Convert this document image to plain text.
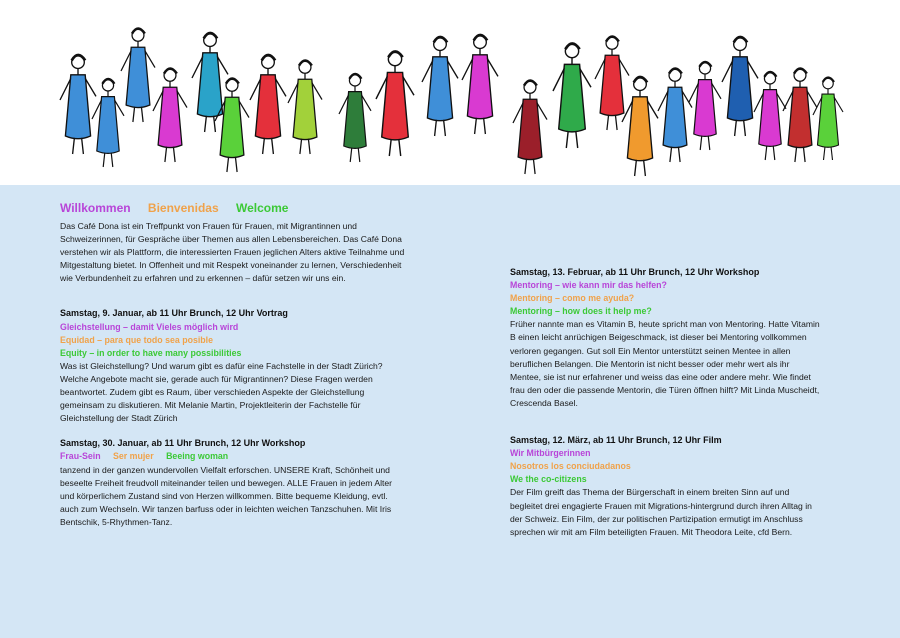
Willkommen Bienvenidas Welcome

Das Café Dona ist ein Treffpunkt von Frauen für Frauen, mit Migrantinnen und Schweizerinnen, für Gespräche über Themen aus allen Lebensbereichen. Das Café Dona verstehen wir als Plattform, die interessierten Frauen jeglichen Alters aktive Teilnahme und Mitgestaltung bietet. In Offenheit und mit Respekt voneinander zu lernen, Verschiedenheit wie Verbundenheit zu erfahren und zu erkennen – dafür setzen wir uns ein.

Samstag, 9. Januar, ab 11 Uhr Brunch, 12 Uhr Vortrag
Gleichstellung – damit Vieles möglich wird
Equidad – para que todo sea posible
Equity – in order to have many possibilities

Was ist Gleichstellung? Und warum gibt es dafür eine Fachstelle in der Stadt Zürich? Welche Angebote macht sie, gerade auch für Migrantinnen? Diese Fragen werden beantwortet. Zudem gibt es Raum, über verschieden Aspekte der Gleichstellung gemeinsam zu diskutieren. Mit Melanie Martin, Projektleiterin der Fachstelle für Gleichstellung der Stadt Zürich

Samstag, 30. Januar, ab 11 Uhr Brunch, 12 Uhr Workshop
Frau-Sein Ser mujer Beeing woman

tanzend in der ganzen wundervollen Vielfalt erforschen. UNSERE Kraft, Schönheit und beseelte Freiheit freudvoll miteinander teilen und bewegen. ALLE Frauen in jedem Alter und körperlichem Zustand sind von Herzen willkommen. Bitte bequeme Kleidung, evtl. auch zum Wechseln. Wir tanzen barfuss oder in leichten weichen Tanzschuhen. Mit Iris Bentschik, 5-Rhythmen-Tanz.

Samstag, 13. Februar, ab 11 Uhr Brunch, 12 Uhr Workshop
Mentoring – wie kann mir das helfen?
Mentoring – como me ayuda?
Mentoring – how does it help me?

Früher nannte man es Vitamin B, heute spricht man von Mentoring. Hatte Vitamin B einen leicht anrüchigen Beigeschmack, ist dieser bei Mentoring vollkommen verloren gegangen. Gut soll Ein Mentor unterstützt seinen Mentee in allen beruflichen Belangen. Die Mentorin ist nicht besser oder mehr wert als ihr Mentee, sie ist nur erfahrener und weiss das eine oder andere mehr. Wie findet frau den oder die passende Mentorin, die Türen öffnen hilft? Mit Linda Muscheidt, Crescenda Basel.

Samstag, 12. März, ab 11 Uhr Brunch, 12 Uhr Film
Wir Mitbürgerinnen
Nosotros los conciudadanos
We the co-citizens

Der Film greift das Thema der Bürgerschaft in einem breiten Sinn auf und begleitet drei engagierte Frauen mit Migrations-hintergrund durch ihren Alltag in der Schweiz. Ein Film, der zur politischen Partizipation ermutigt im Anschluss sprechen wir mit am Film beteiligten Frauen. Mit Theodora Leite, cfd Bern.
